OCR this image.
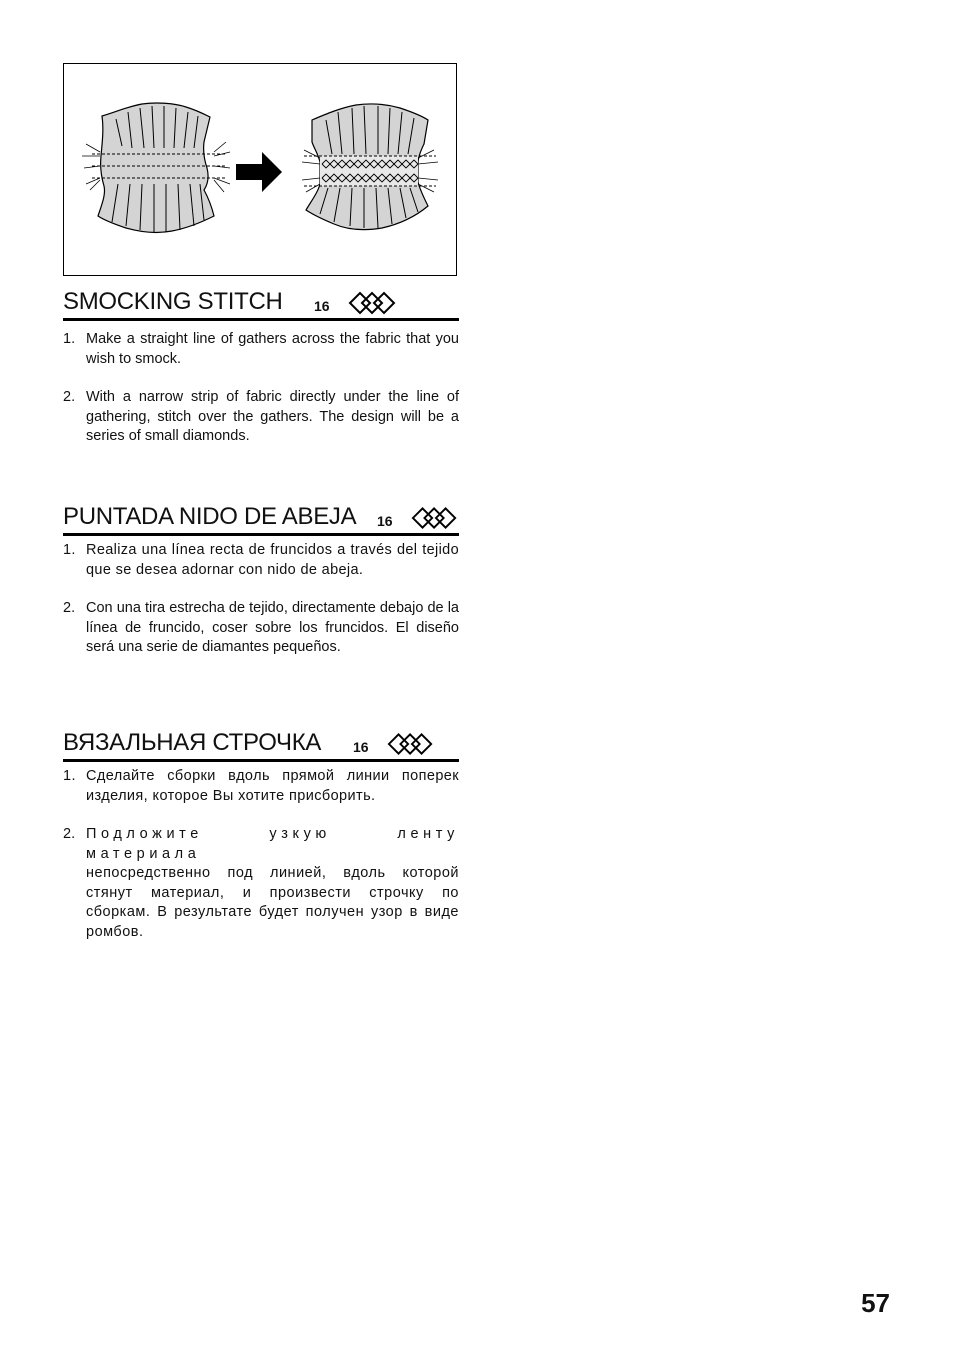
SMOCKING STITCH 16
1. Make a straight line of gathers across the fabric that you wish to smock.
2. With a narrow strip of fabric directly under the line of gathering, stitch over the gathers. The design will be a series of small diamonds.
PUNTADA NIDO DE ABEJA 16
1. Realiza una línea recta de fruncidos a través del tejido que se desea adornar con nido de abeja.
2. Con una tira estrecha de tejido, directamente debajo de la línea de fruncido, coser sobre los fruncidos. El diseño será una serie de diamantes pequeños.
ВЯЗАЛЬНАЯ СТРОЧКА 16
1. Сделайте сборки вдоль прямой линии поперек изделия, которое Вы хотите присборить.
2. Подложите узкую ленту материала
непосредственно под линией, вдоль которой стянут материал, и произвести строчку по сборкам. В результате будет получен узор в виде ромбов.
57
